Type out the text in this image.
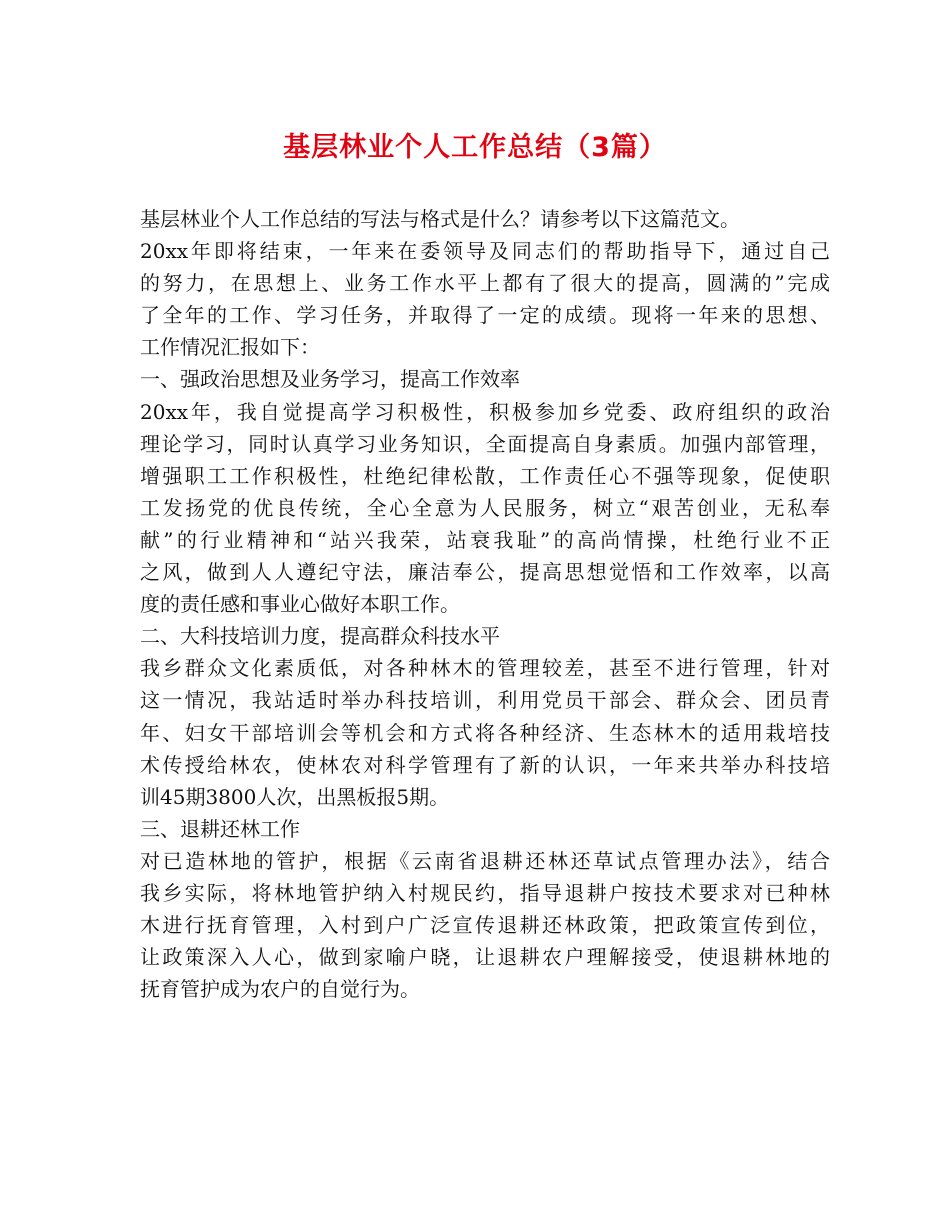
基层林业个人工作总结（3篇）
基层林业个人工作总结的写法与格式是什么？请参考以下这篇范文。
20xx年即将结束，一年来在委领导及同志们的帮助指导下，通过自己
的努力，在思想上、业务工作水平上都有了很大的提高，圆满的”完成
了全年的工作、学习任务，并取得了一定的成绩。现将一年来的思想、
工作情况汇报如下：
一、强政治思想及业务学习，提高工作效率
20xx年，我自觉提高学习积极性，积极参加乡党委、政府组织的政治
理论学习，同时认真学习业务知识，全面提高自身素质。加强内部管理，
增强职工工作积极性，杜绝纪律松散，工作责任心不强等现象，促使职
工发扬党的优良传统，全心全意为人民服务，树立“艰苦创业，无私奉
献”的行业精神和“站兴我荣，站衰我耻”的高尚情操，杜绝行业不正
之风，做到人人遵纪守法，廉洁奉公，提高思想觉悟和工作效率，以高
度的责任感和事业心做好本职工作。
二、大科技培训力度，提高群众科技水平
我乡群众文化素质低，对各种林木的管理较差，甚至不进行管理，针对
这一情况，我站适时举办科技培训，利用党员干部会、群众会、团员青
年、妇女干部培训会等机会和方式将各种经济、生态林木的适用栽培技
术传授给林农，使林农对科学管理有了新的认识，一年来共举办科技培
训45期3800人次，出黑板报5期。
三、退耕还林工作
对已造林地的管护，根据《云南省退耕还林还草试点管理办法》，结合
我乡实际，将林地管护纳入村规民约，指导退耕户按技术要求对已种林
木进行抚育管理，入村到户广泛宣传退耕还林政策，把政策宣传到位，
让政策深入人心，做到家喻户晓，让退耕农户理解接受，使退耕林地的
抚育管护成为农户的自觉行为。
